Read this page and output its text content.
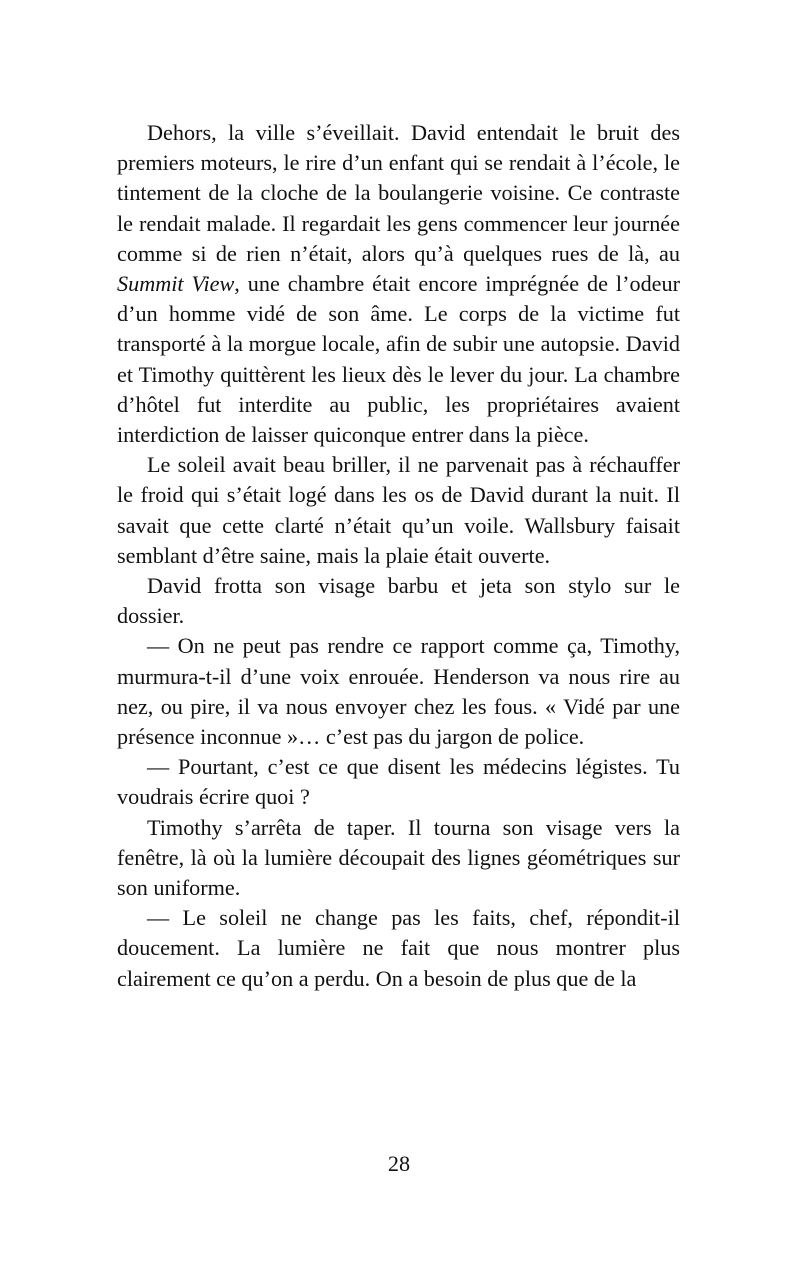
Dehors, la ville s’éveillait. David entendait le bruit des premiers moteurs, le rire d’un enfant qui se rendait à l’école, le tintement de la cloche de la boulangerie voisine. Ce contraste le rendait malade. Il regardait les gens commencer leur journée comme si de rien n’était, alors qu’à quelques rues de là, au Summit View, une chambre était encore imprégnée de l’odeur d’un homme vidé de son âme. Le corps de la victime fut transporté à la morgue locale, afin de subir une autopsie. David et Timothy quittèrent les lieux dès le lever du jour. La chambre d’hôtel fut interdite au public, les propriétaires avaient interdiction de laisser quiconque entrer dans la pièce.

Le soleil avait beau briller, il ne parvenait pas à réchauffer le froid qui s’était logé dans les os de David durant la nuit. Il savait que cette clarté n’était qu’un voile. Wallsbury faisait semblant d’être saine, mais la plaie était ouverte.

David frotta son visage barbu et jeta son stylo sur le dossier.

— On ne peut pas rendre ce rapport comme ça, Timothy, murmura-t-il d’une voix enrouée. Henderson va nous rire au nez, ou pire, il va nous envoyer chez les fous. « Vidé par une présence inconnue »… c’est pas du jargon de police.

— Pourtant, c’est ce que disent les médecins légistes. Tu voudrais écrire quoi ?

Timothy s’arrêta de taper. Il tourna son visage vers la fenêtre, là où la lumière découpait des lignes géométriques sur son uniforme.

— Le soleil ne change pas les faits, chef, répondit-il doucement. La lumière ne fait que nous montrer plus clairement ce qu’on a perdu. On a besoin de plus que de la

28
